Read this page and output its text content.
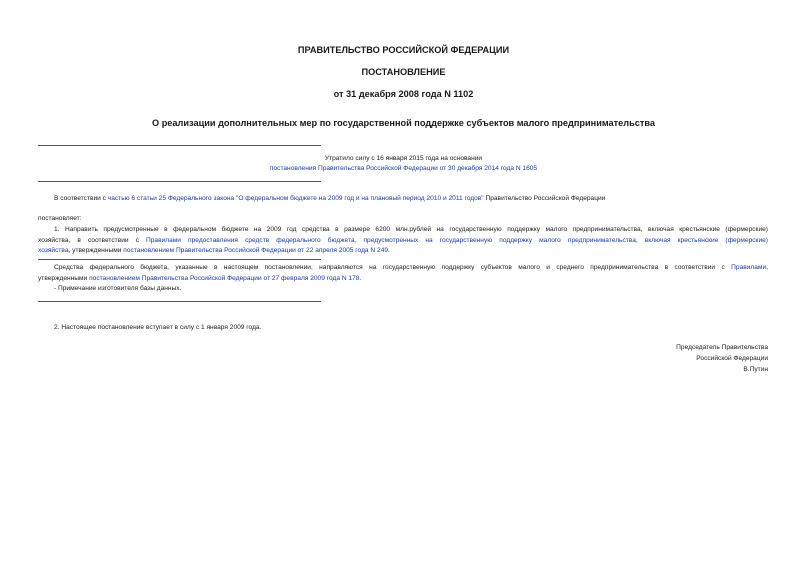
ПРАВИТЕЛЬСТВО РОССИЙСКОЙ ФЕДЕРАЦИИ
ПОСТАНОВЛЕНИЕ
от 31 декабря 2008 года N 1102
О реализации дополнительных мер по государственной поддержке субъектов малого предпринимательства
Утратило силу с 16 января 2015 года на основании
постановления Правительства Российской Федерации от 30 декабря 2014 года N 1605
В соответствии с частью 6 статьи 25 Федерального закона "О федеральном бюджете на 2009 год и на плановый период 2010 и 2011 годов" Правительство Российской Федерации
постановляет:
1. Направить предусмотренные в федеральном бюджете на 2009 год средства в размере 6200 млн.рублей на государственную поддержку малого предпринимательства, включая крестьянские (фермерские)
хозяйства, в соответствии с Правилами предоставления средств федерального бюджета, предусмотренных на государственную поддержку малого предпринимательства, включая крестьянские (фермерские)
хозяйства, утвержденными постановлением Правительства Российской Федерации от 22 апреля 2005 года N 249.
Средства федерального бюджета, указанные в настоящем постановлении, направляются на государственную поддержку субъектов малого и среднего предпринимательства в соответствии с Правилами,
утвержденными постановлением Правительства Российской Федерации от 27 февраля 2009 года N 178.
- Примечание изготовителя базы данных.
2. Настоящее постановление вступает в силу с 1 января 2009 года.
Председатель Правительства
Российской Федерации
В.Путин
